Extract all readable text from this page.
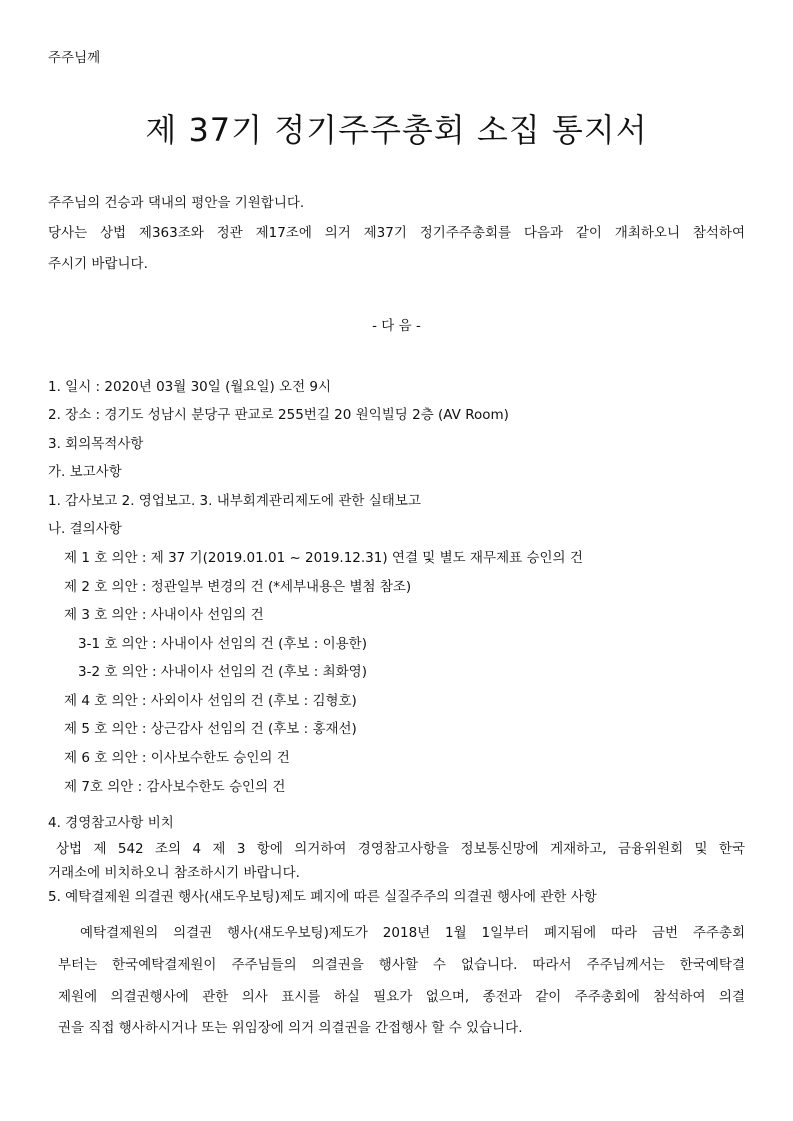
주주님께
제 37기 정기주주총회 소집 통지서
주주님의 건승과 댁내의 평안을 기원합니다.
당사는 상법 제363조와 정관 제17조에 의거 제37기 정기주주총회를 다음과 같이 개최하오니 참석하여
주시기 바랍니다.
- 다 음 -
1. 일시 : 2020년 03월 30일 (월요일) 오전 9시
2. 장소 : 경기도 성남시 분당구 판교로 255번길 20 원익빌딩 2층 (AV Room)
3. 회의목적사항
가. 보고사항
1. 감사보고 2. 영업보고. 3. 내부회계관리제도에 관한 실태보고
나. 결의사항
제 1 호 의안 : 제 37 기(2019.01.01 ~ 2019.12.31) 연결 및 별도 재무제표 승인의 건
제 2 호 의안 : 정관일부 변경의 건 (*세부내용은 별첨 참조)
제 3 호 의안 : 사내이사 선임의 건
3-1 호 의안 : 사내이사 선임의 건 (후보 : 이용한)
3-2 호 의안 : 사내이사 선임의 건 (후보 : 최화영)
제 4 호 의안 : 사외이사 선임의 건 (후보 : 김형호)
제 5 호 의안 : 상근감사 선임의 건 (후보 : 홍재선)
제 6 호 의안 : 이사보수한도 승인의 건
제 7호 의안 : 감사보수한도 승인의 건
4. 경영참고사항 비치
상법 제 542 조의 4 제 3 항에 의거하여 경영참고사항을 정보통신망에 게재하고, 금융위원회 및 한국
거래소에 비치하오니 참조하시기 바랍니다.
5. 예탁결제원 의결권 행사(섀도우보팅)제도 폐지에 따른 실질주주의 의결권 행사에 관한 사항
예탁결제원의 의결권 행사(섀도우보팅)제도가 2018년 1월 1일부터 폐지됨에 따라 금번 주주총회
부터는 한국예탁결제원이 주주님들의 의결권을 행사할 수 없습니다. 따라서 주주님께서는 한국예탁결
제원에 의결권행사에 관한 의사 표시를 하실 필요가 없으며, 종전과 같이 주주총회에 참석하여 의결
권을 직접 행사하시거나 또는 위임장에 의거 의결권을 간접행사 할 수 있습니다.
